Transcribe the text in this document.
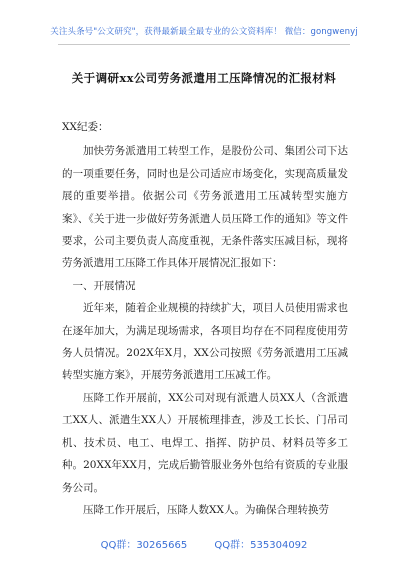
关注头条号"公文研究"，获得最新最全最专业的公文资料库！ 微信：gongwenyj
关于调研xx公司劳务派遣用工压降情况的汇报材料

XX纪委：

加快劳务派遣用工转型工作，是股份公司、集团公司下达的一项重要任务，同时也是公司适应市场变化，实现高质量发展的重要举措。依据公司《劳务派遣用工压减转型实施方案》、《关于进一步做好劳务派遣人员压降工作的通知》等文件要求，公司主要负责人高度重视，无条件落实压减目标，现将劳务派遣用工压降工作具体开展情况汇报如下：

一、开展情况

近年来，随着企业规模的持续扩大，项目人员使用需求也在逐年加大，为满足现场需求，各项目均存在不同程度使用劳务人员情况。202X年X月，XX公司按照《劳务派遣用工压减转型实施方案》，开展劳务派遣用工压减工作。

压降工作开展前，XX公司对现有派遣人员XX人（含派遣工XX人、派遣生XX人）开展梳理排查，涉及工长长、门吊司机、技术员、电工、电焊工、指挥、防护员、材料员等多工种。20XX年XX月，完成后勤管服业务外包给有资质的专业服务公司。

压降工作开展后，压降人数XX人。为确保合理转换劳

QQ群：30265665	QQ群：535304092
